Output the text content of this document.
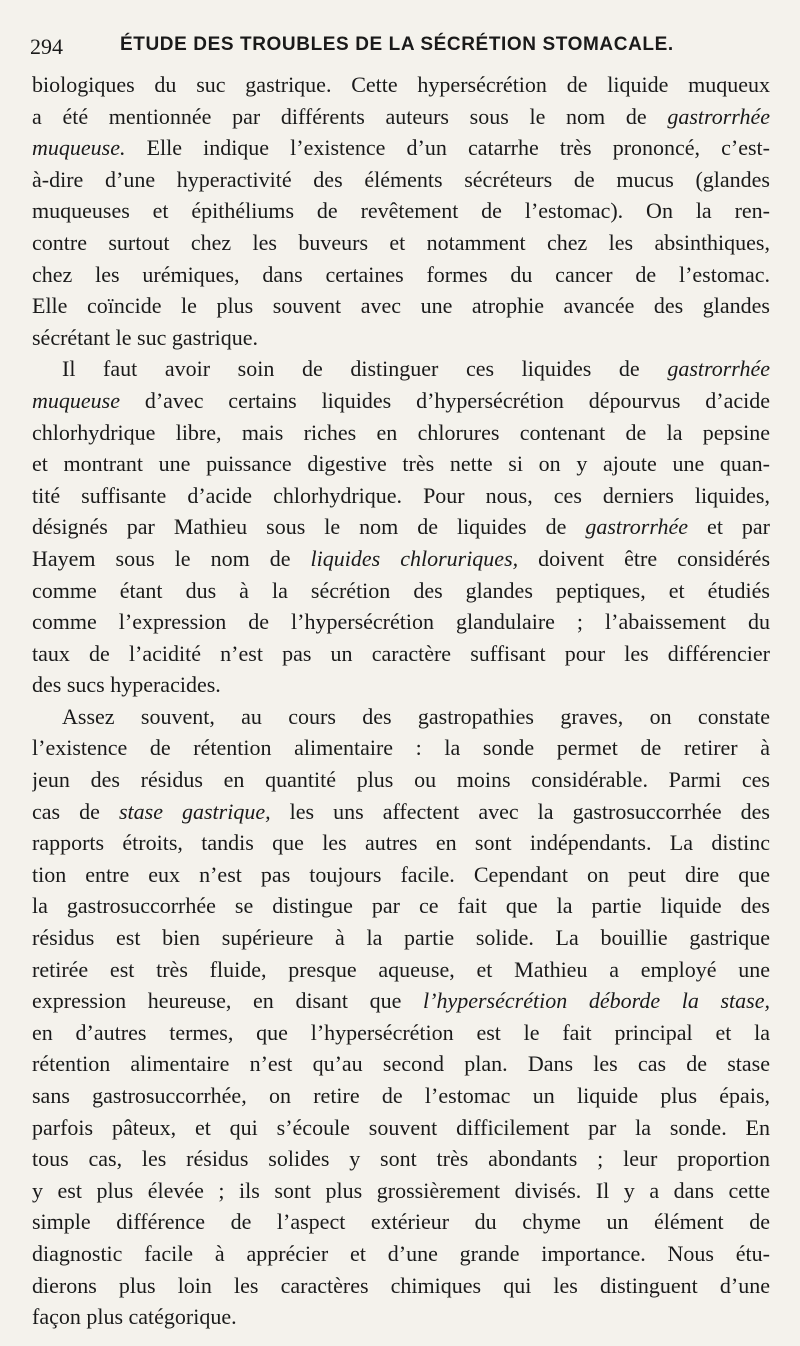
294	ÉTUDE DES TROUBLES DE LA SÉCRÉTION STOMACALE.
biologiques du suc gastrique. Cette hypersécrétion de liquide muqueux
a été mentionnée par différents auteurs sous le nom de gastrorrhée
muqueuse. Elle indique l’existence d’un catarrhe très prononcé, c’est-
à-dire d’une hyperactivité des éléments sécréteurs de mucus (glandes
muqueuses et épithéliums de revêtement de l’estomac). On la ren-
contre surtout chez les buveurs et notamment chez les absinthiques,
chez les urémiques, dans certaines formes du cancer de l’estomac.
Elle coïncide le plus souvent avec une atrophie avancée des glandes
sécrétant le suc gastrique.
Il faut avoir soin de distinguer ces liquides de gastrorrhée
muqueuse d’avec certains liquides d’hypersécrétion dépourvus d’acide
chlorhydrique libre, mais riches en chlorures contenant de la pepsine
et montrant une puissance digestive très nette si on y ajoute une quan-
tité suffisante d’acide chlorhydrique. Pour nous, ces derniers liquides,
désignés par Mathieu sous le nom de liquides de gastrorrhée et par
Hayem sous le nom de liquides chloruriques, doivent être considérés
comme étant dus à la sécrétion des glandes peptiques, et étudiés
comme l’expression de l’hypersécrétion glandulaire ; l’abaissement du
taux de l’acidité n’est pas un caractère suffisant pour les différencier
des sucs hyperacides.
Assez souvent, au cours des gastropathies graves, on constate
l’existence de rétention alimentaire : la sonde permet de retirer à
jeun des résidus en quantité plus ou moins considérable. Parmi ces
cas de stase gastrique, les uns affectent avec la gastrosuccorrhée des
rapports étroits, tandis que les autres en sont indépendants. La distinc
tion entre eux n’est pas toujours facile. Cependant on peut dire que
la gastrosuccorrhée se distingue par ce fait que la partie liquide des
résidus est bien supérieure à la partie solide. La bouillie gastrique
retirée est très fluide, presque aqueuse, et Mathieu a employé une
expression heureuse, en disant que l’hypersécrétion déborde la stase,
en d’autres termes, que l’hypersécrétion est le fait principal et la
rétention alimentaire n’est qu’au second plan. Dans les cas de stase
sans gastrosuccorrhée, on retire de l’estomac un liquide plus épais,
parfois pâteux, et qui s’écoule souvent difficilement par la sonde. En
tous cas, les résidus solides y sont très abondants ; leur proportion
y est plus élevée ; ils sont plus grossièrement divisés. Il y a dans cette
simple différence de l’aspect extérieur du chyme un élément de
diagnostic facile à apprécier et d’une grande importance. Nous étu-
dierons plus loin les caractères chimiques qui les distinguent d’une
façon plus catégorique.
